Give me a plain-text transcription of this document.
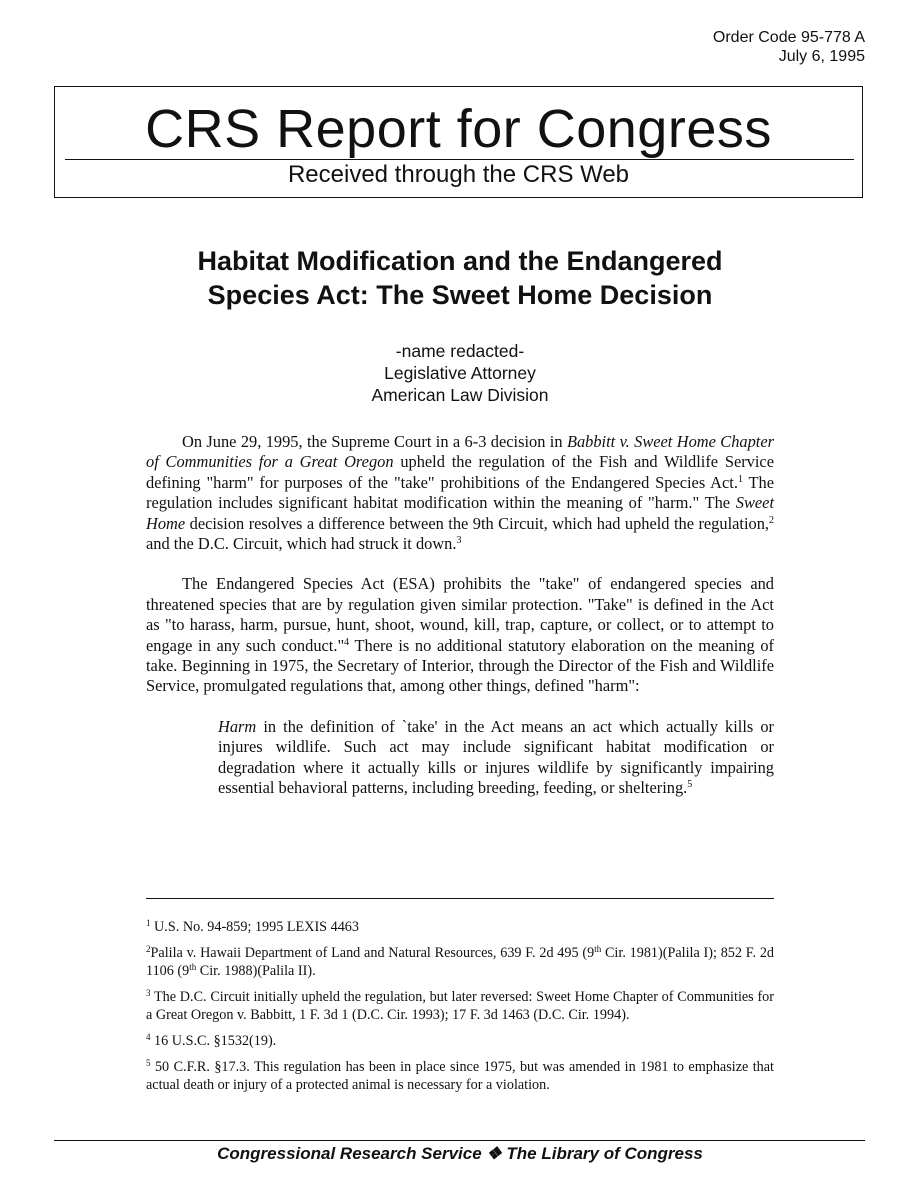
Order Code 95-778 A
July 6, 1995
CRS Report for Congress
Received through the CRS Web
Habitat Modification and the Endangered
Species Act: The Sweet Home Decision
-name redacted-
Legislative Attorney
American Law Division

On June 29, 1995, the Supreme Court in a 6-3 decision in Babbitt v. Sweet Home Chapter of Communities for a Great Oregon upheld the regulation of the Fish and Wildlife Service defining "harm" for purposes of the "take" prohibitions of the Endangered Species Act.$^1$ The regulation includes significant habitat modification within the meaning of "harm." The Sweet Home decision resolves a difference between the 9th Circuit, which had upheld the regulation,$^2$ and the D.C. Circuit, which had struck it down.$^3$

The Endangered Species Act (ESA) prohibits the "take" of endangered species and threatened species that are by regulation given similar protection. "Take" is defined in the Act as "to harass, harm, pursue, hunt, shoot, wound, kill, trap, capture, or collect, or to attempt to engage in any such conduct."$^4$ There is no additional statutory elaboration on the meaning of take. Beginning in 1975, the Secretary of Interior, through the Director of the Fish and Wildlife Service, promulgated regulations that, among other things, defined "harm":

Harm in the definition of `take' in the Act means an act which actually kills or injures wildlife. Such act may include significant habitat modification or degradation where it actually kills or injures wildlife by significantly impairing essential behavioral patterns, including breeding, feeding, or sheltering.$^5$

$^1$ U.S. No. 94-859; 1995 LEXIS 4463
$^2$Palila v. Hawaii Department of Land and Natural Resources, 639 F. 2d 495 (9th Cir. 1981)(Palila I); 852 F. 2d 1106 (9th Cir. 1988)(Palila II).
$^3$ The D.C. Circuit initially upheld the regulation, but later reversed: Sweet Home Chapter of Communities for a Great Oregon v. Babbitt, 1 F. 3d 1 (D.C. Cir. 1993); 17 F. 3d 1463 (D.C. Cir. 1994).
$^4$ 16 U.S.C. §1532(19).
$^5$ 50 C.F.R. §17.3. This regulation has been in place since 1975, but was amended in 1981 to emphasize that actual death or injury of a protected animal is necessary for a violation.
Congressional Research Service ❖ The Library of Congress
